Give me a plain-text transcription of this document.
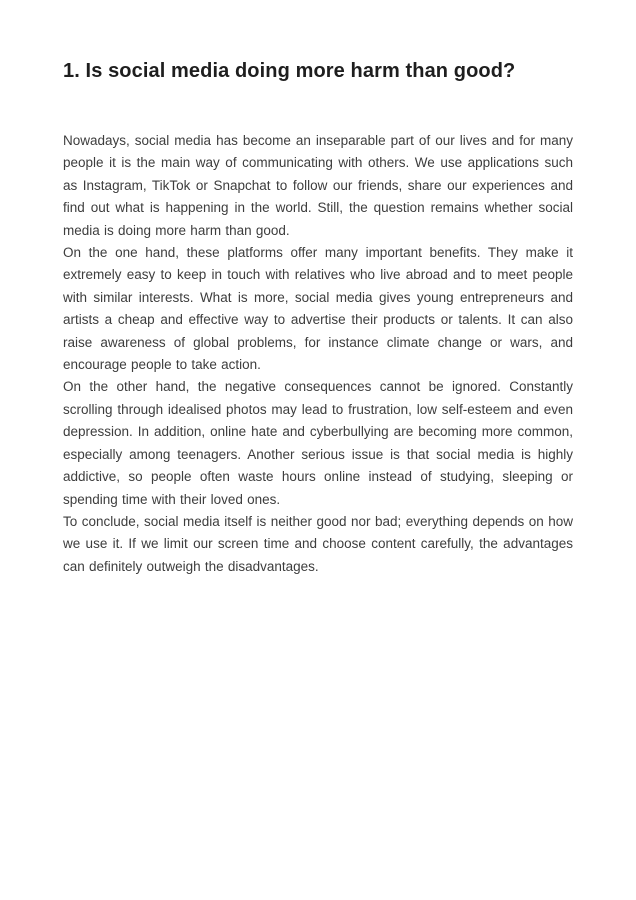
1. Is social media doing more harm than good?

Nowadays, social media has become an inseparable part of our lives and for many people it is the main way of communicating with others. We use applications such as Instagram, TikTok or Snapchat to follow our friends, share our experiences and find out what is happening in the world. Still, the question remains whether social media is doing more harm than good.

On the one hand, these platforms offer many important benefits. They make it extremely easy to keep in touch with relatives who live abroad and to meet people with similar interests. What is more, social media gives young entrepreneurs and artists a cheap and effective way to advertise their products or talents. It can also raise awareness of global problems, for instance climate change or wars, and encourage people to take action.

On the other hand, the negative consequences cannot be ignored. Constantly scrolling through idealised photos may lead to frustration, low self-esteem and even depression. In addition, online hate and cyberbullying are becoming more common, especially among teenagers. Another serious issue is that social media is highly addictive, so people often waste hours online instead of studying, sleeping or spending time with their loved ones.

To conclude, social media itself is neither good nor bad; everything depends on how we use it. If we limit our screen time and choose content carefully, the advantages can definitely outweigh the disadvantages.
